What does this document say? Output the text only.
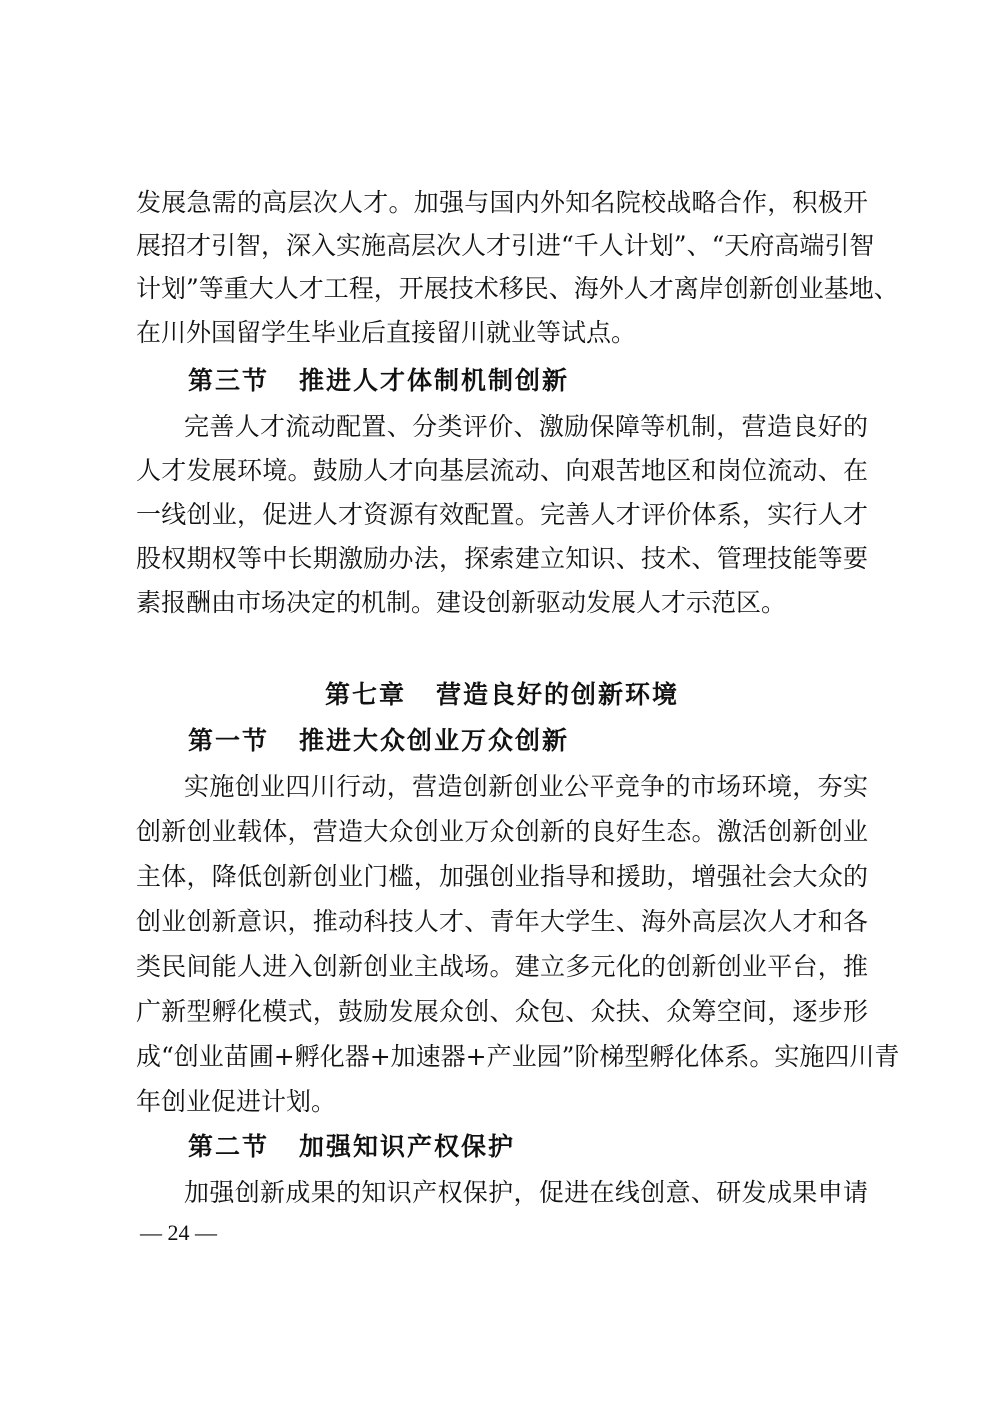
发展急需的高层次人才。加强与国内外知名院校战略合作，积极开
展招才引智，深入实施高层次人才引进“千人计划”、“天府高端引智
计划”等重大人才工程，开展技术移民、海外人才离岸创新创业基地、
在川外国留学生毕业后直接留川就业等试点。
第三节 推进人才体制机制创新
完善人才流动配置、分类评价、激励保障等机制，营造良好的
人才发展环境。鼓励人才向基层流动、向艰苦地区和岗位流动、在
一线创业，促进人才资源有效配置。完善人才评价体系，实行人才
股权期权等中长期激励办法，探索建立知识、技术、管理技能等要
素报酬由市场决定的机制。建设创新驱动发展人才示范区。
第七章 营造良好的创新环境
第一节 推进大众创业万众创新
实施创业四川行动，营造创新创业公平竞争的市场环境，夯实
创新创业载体，营造大众创业万众创新的良好生态。激活创新创业
主体，降低创新创业门槛，加强创业指导和援助，增强社会大众的
创业创新意识，推动科技人才、青年大学生、海外高层次人才和各
类民间能人进入创新创业主战场。建立多元化的创新创业平台，推
广新型孵化模式，鼓励发展众创、众包、众扶、众筹空间，逐步形
成“创业苗圃+孵化器+加速器+产业园”阶梯型孵化体系。实施四川青
年创业促进计划。
第二节 加强知识产权保护
加强创新成果的知识产权保护，促进在线创意、研发成果申请
— 24 —
